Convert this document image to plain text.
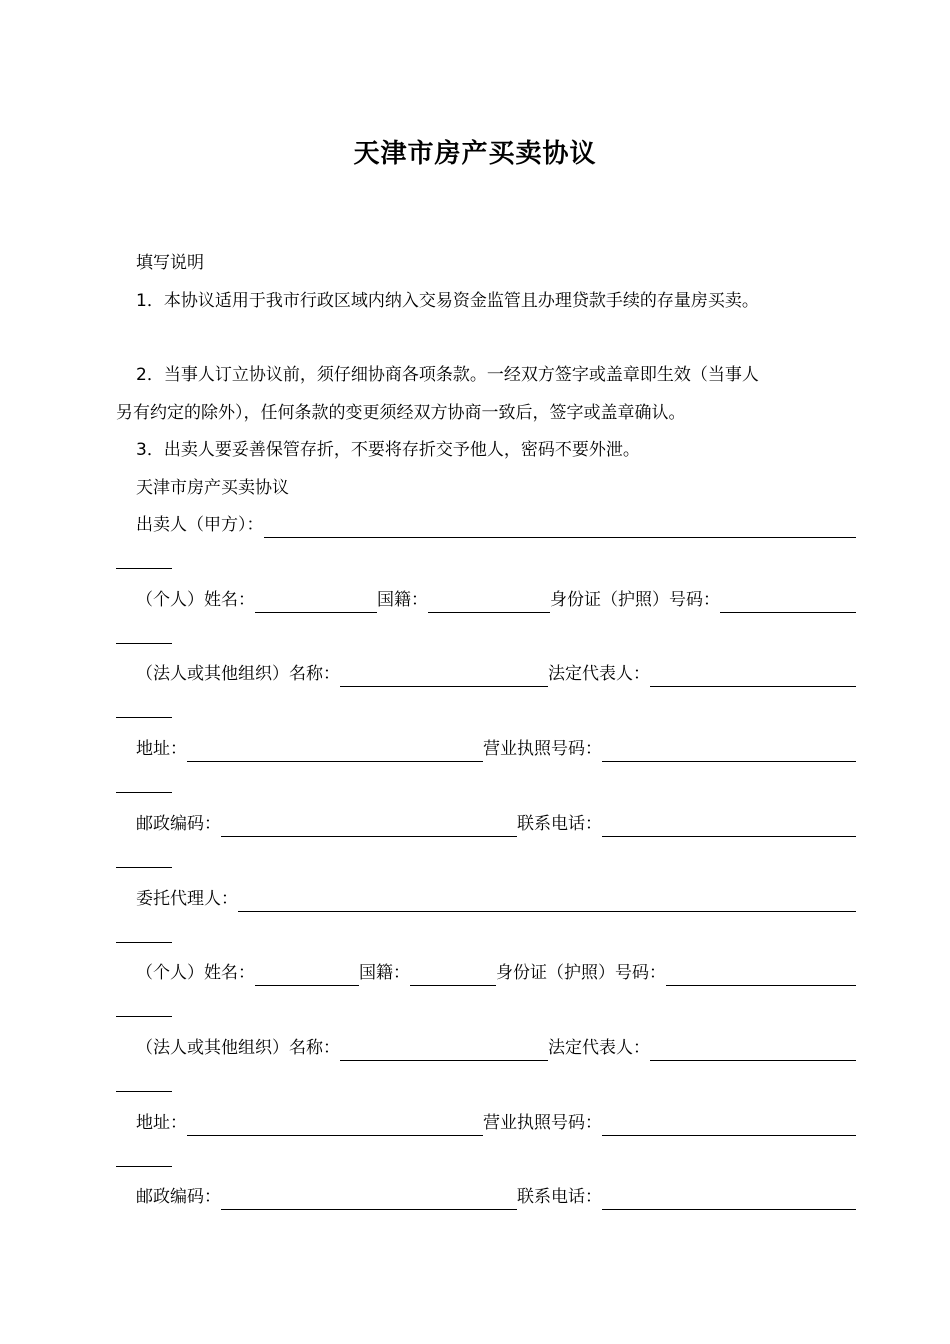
天津市房产买卖协议
填写说明
1．本协议适用于我市行政区域内纳入交易资金监管且办理贷款手续的存量房买卖。
2．当事人订立协议前，须仔细协商各项条款。一经双方签字或盖章即生效（当事人
另有约定的除外），任何条款的变更须经双方协商一致后，签字或盖章确认。
3．出卖人要妥善保管存折，不要将存折交予他人，密码不要外泄。
天津市房产买卖协议
出卖人（甲方）：
（个人）姓名：	国籍：	身份证（护照）号码：
（法人或其他组织）名称：	法定代表人：
地址：	营业执照号码：
邮政编码：	联系电话：
委托代理人：
（个人）姓名：	国籍：	身份证（护照）号码：
（法人或其他组织）名称：	法定代表人：
地址：	营业执照号码：
邮政编码：	联系电话：
